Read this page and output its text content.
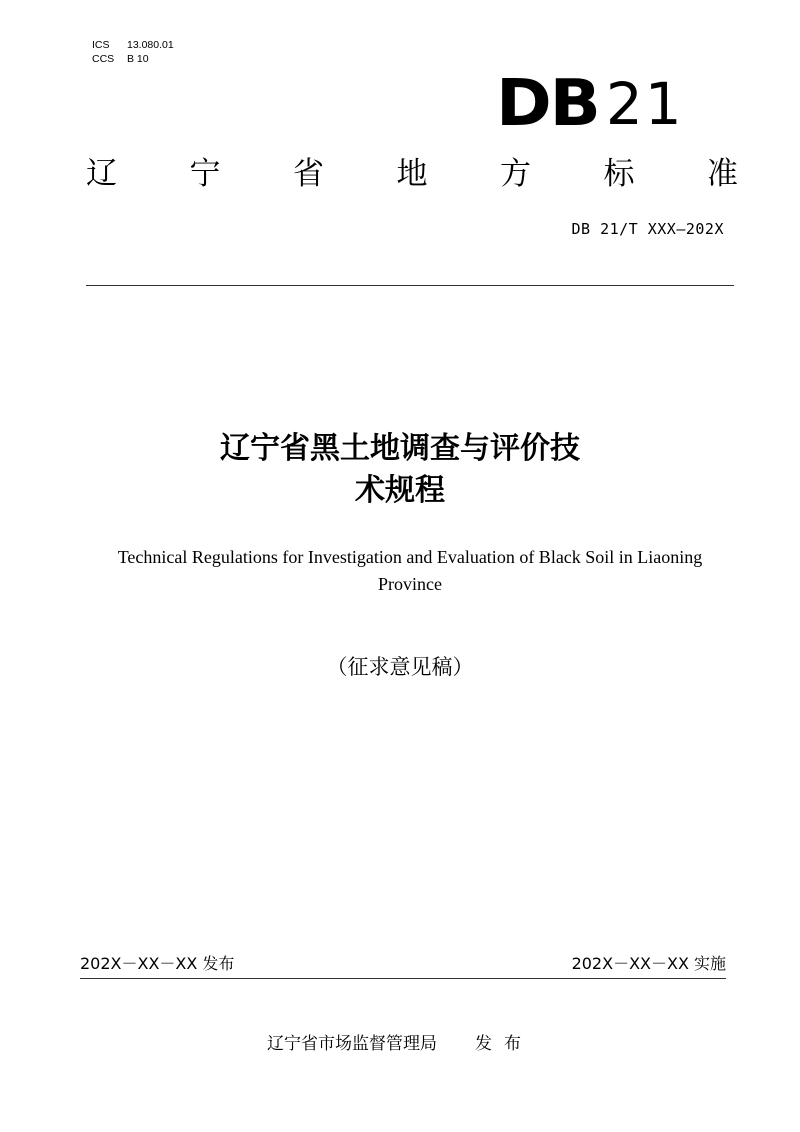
ICS	13.080.01
CCS	B 10
DB 21
辽 宁 省 地 方 标 准
DB 21/T XXX—202X
辽宁省黑土地调查与评价技
术规程
Technical Regulations for Investigation and Evaluation of Black Soil in Liaoning Province
（征求意见稿）
202X－XX－XX 发布	202X－XX－XX 实施
辽宁省市场监督管理局 发布
